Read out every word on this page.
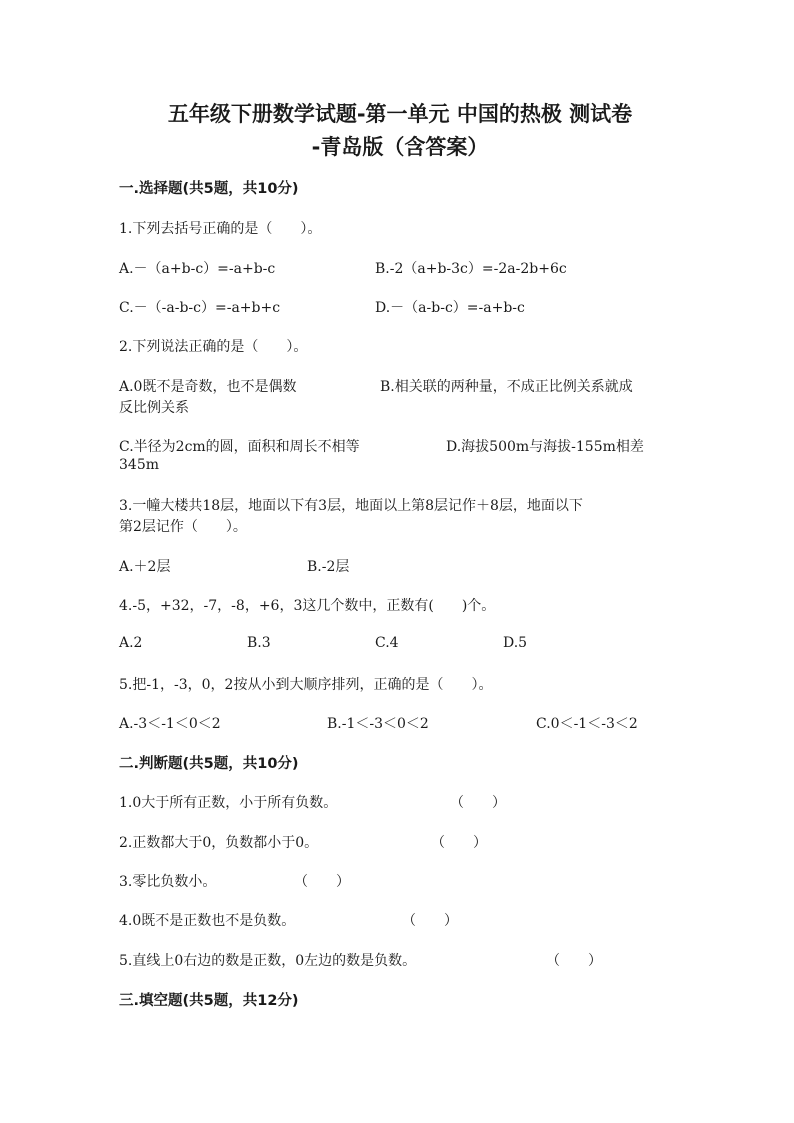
五年级下册数学试题-第一单元 中国的热极 测试卷
-青岛版（含答案）
一.选择题(共5题，共10分)
1.下列去括号正确的是（　　）。
A.－（a+b-c）=-a+b-c	B.-2（a+b-3c）=-2a-2b+6c
C.－（-a-b-c）=-a+b+c	D.－（a-b-c）=-a+b-c
2.下列说法正确的是（　　）。
A.0既不是奇数，也不是偶数	B.相关联的两种量，不成正比例关系就成
反比例关系
C.半径为2cm的圆，面积和周长不相等	D.海拔500m与海拔-155m相差
345m
3.一幢大楼共18层，地面以下有3层，地面以上第8层记作＋8层，地面以下
第2层记作（　　）。
A.＋2层	B.-2层
4.-5，+32，-7，-8，+6，3这几个数中，正数有(　　)个。
A.2	B.3	C.4	D.5
5.把-1，-3，0，2按从小到大顺序排列，正确的是（　　）。
A.-3＜-1＜0＜2	B.-1＜-3＜0＜2	C.0＜-1＜-3＜2
二.判断题(共5题，共10分)
1.0大于所有正数，小于所有负数。	（　　）
2.正数都大于0，负数都小于0。	（　　）
3.零比负数小。	（　　）
4.0既不是正数也不是负数。	（　　）
5.直线上0右边的数是正数，0左边的数是负数。	（　　）
三.填空题(共5题，共12分)
